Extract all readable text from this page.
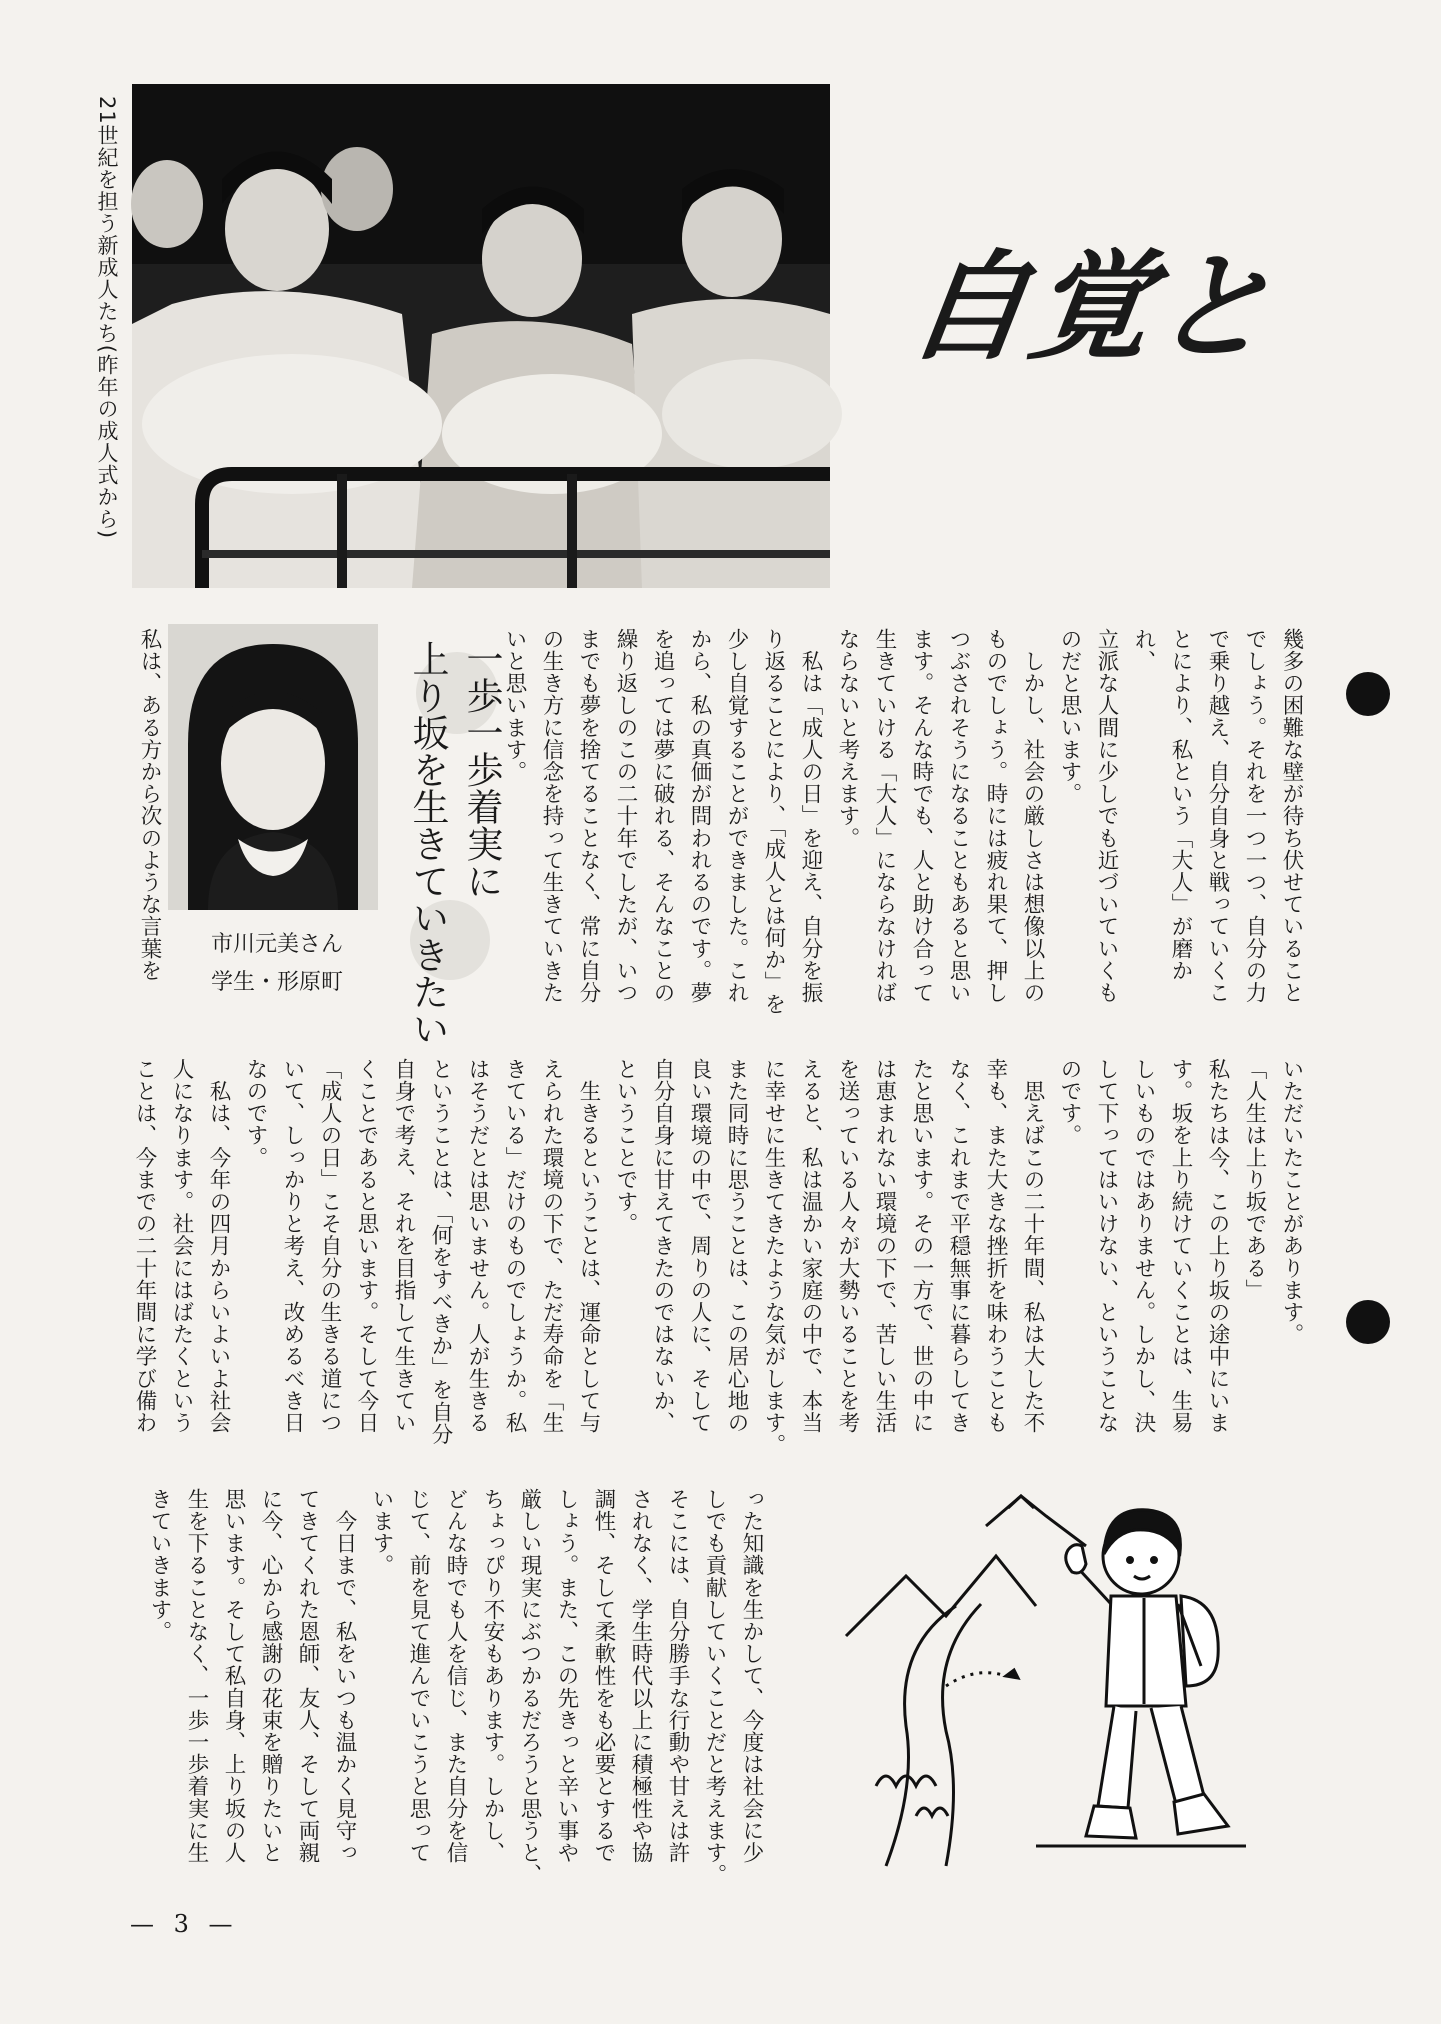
21世紀を担う新成人たち(昨年の成人式から)	自覚と
市川元美さん
学生・形原町
一歩一歩着実に
上り坂を生きていきたい	幾多の困難な壁が待ち伏せていること
でしょう。それを一つ一つ、自分の力
で乗り越え、自分自身と戦っていくこ
とにより、私という「大人」が磨かれ、
立派な人間に少しでも近づいていくも
のだと思います。
　しかし、社会の厳しさは想像以上の
ものでしょう。時には疲れ果て、押し
つぶされそうになることもあると思い
ます。そんな時でも、人と助け合って
生きていける「大人」にならなければ
ならないと考えます。
　私は「成人の日」を迎え、自分を振
り返ることにより、「成人とは何か」を
少し自覚することができました。これ
から、私の真価が問われるのです。夢
を追っては夢に破れる、そんなことの
繰り返しのこの二十年でしたが、いつ
までも夢を捨てることなく、常に自分
の生き方に信念を持って生きていきた
いと思います。
私は、ある方から次のような言葉を
いただいたことがあります。
「人生は上り坂である」
私たちは今、この上り坂の途中にいま
す。坂を上り続けていくことは、生易
しいものではありません。しかし、決
して下ってはいけない、ということな
のです。
　思えばこの二十年間、私は大した不
幸も、また大きな挫折を味わうことも
なく、これまで平穏無事に暮らしてき
たと思います。その一方で、世の中に
は恵まれない環境の下で、苦しい生活
を送っている人々が大勢いることを考
えると、私は温かい家庭の中で、本当
に幸せに生きてきたような気がします。
また同時に思うことは、この居心地の
良い環境の中で、周りの人に、そして
自分自身に甘えてきたのではないか、
ということです。
　生きるということは、運命として与
えられた環境の下で、ただ寿命を「生
きている」だけのものでしょうか。私
はそうだとは思いません。人が生きる
ということは、「何をすべきか」を自分
自身で考え、それを目指して生きてい
くことであると思います。そして今日
「成人の日」こそ自分の生きる道につ
いて、しっかりと考え、改めるべき日
なのです。
　私は、今年の四月からいよいよ社会
人になります。社会にはばたくという
ことは、今までの二十年間に学び備わ
った知識を生かして、今度は社会に少
しでも貢献していくことだと考えます。
そこには、自分勝手な行動や甘えは許
されなく、学生時代以上に積極性や協
調性、そして柔軟性をも必要とするで
しょう。また、この先きっと辛い事や
厳しい現実にぶつかるだろうと思うと、
ちょっぴり不安もあります。しかし、
どんな時でも人を信じ、また自分を信
じて、前を見て進んでいこうと思って
います。
　今日まで、私をいつも温かく見守っ
てきてくれた恩師、友人、そして両親
に今、心から感謝の花束を贈りたいと
思います。そして私自身、上り坂の人
生を下ることなく、一歩一歩着実に生
きていきます。
— 3 —
